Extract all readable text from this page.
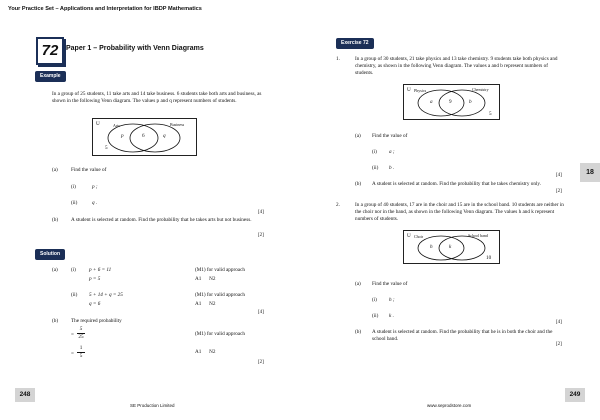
Your Practice Set – Applications and Interpretation for IBDP Mathematics
72	Paper 1 – Probability with Venn Diagrams
Example
In a group of 25 students, 11 take arts and 14 take business. 6 students take both arts and business, as shown in the following Venn diagram. The values p and q represent numbers of students.
U	Arts	Business
p	6	q
5
(a)	Find the value of
(i)	p ;
(ii)	q .
[4]
(b) A student is selected at random. Find the probability that he takes arts but not business.
[2]
Solution
(a)	(i)	p + 6 = 11
p = 5
(M1) for valid approach
A1      N2
(ii) 5 + 14 + q = 25
q = 6
(M1) for valid approach
A1      N2
[4]
(b) The required probability
= $\frac{5}{25}$
= $\frac{1}{5}$
(M1) for valid approach
A1      N2
[2]
Exercise 72
1.	In a group of 30 students, 21 take physics and 13 take chemistry. 9 students take both physics and chemistry, as shown in the following Venn diagram. The values a and b represent numbers of students.
U Physics	Chemistry
a	9	b
5
(a) Find the value of
(i) a ;
(ii) b .
[4]
(b) A student is selected at random. Find the probability that he takes chemistry only.
[2]
2.	In a group of 40 students, 17 are in the choir and 15 are in the school band. 10 students are neither in the choir nor in the band, as shown in the following Venn diagram. The values h and k represent numbers of students.
U Choir	School band
h	k
10
(a) Find the value of
(i) h ;
(ii) k .
[4]
(b) A student is selected at random. Find the probability that he is in both the choir and the school band.
[2]
18
248	249
SE Production Limited	www.seprodstore.com
